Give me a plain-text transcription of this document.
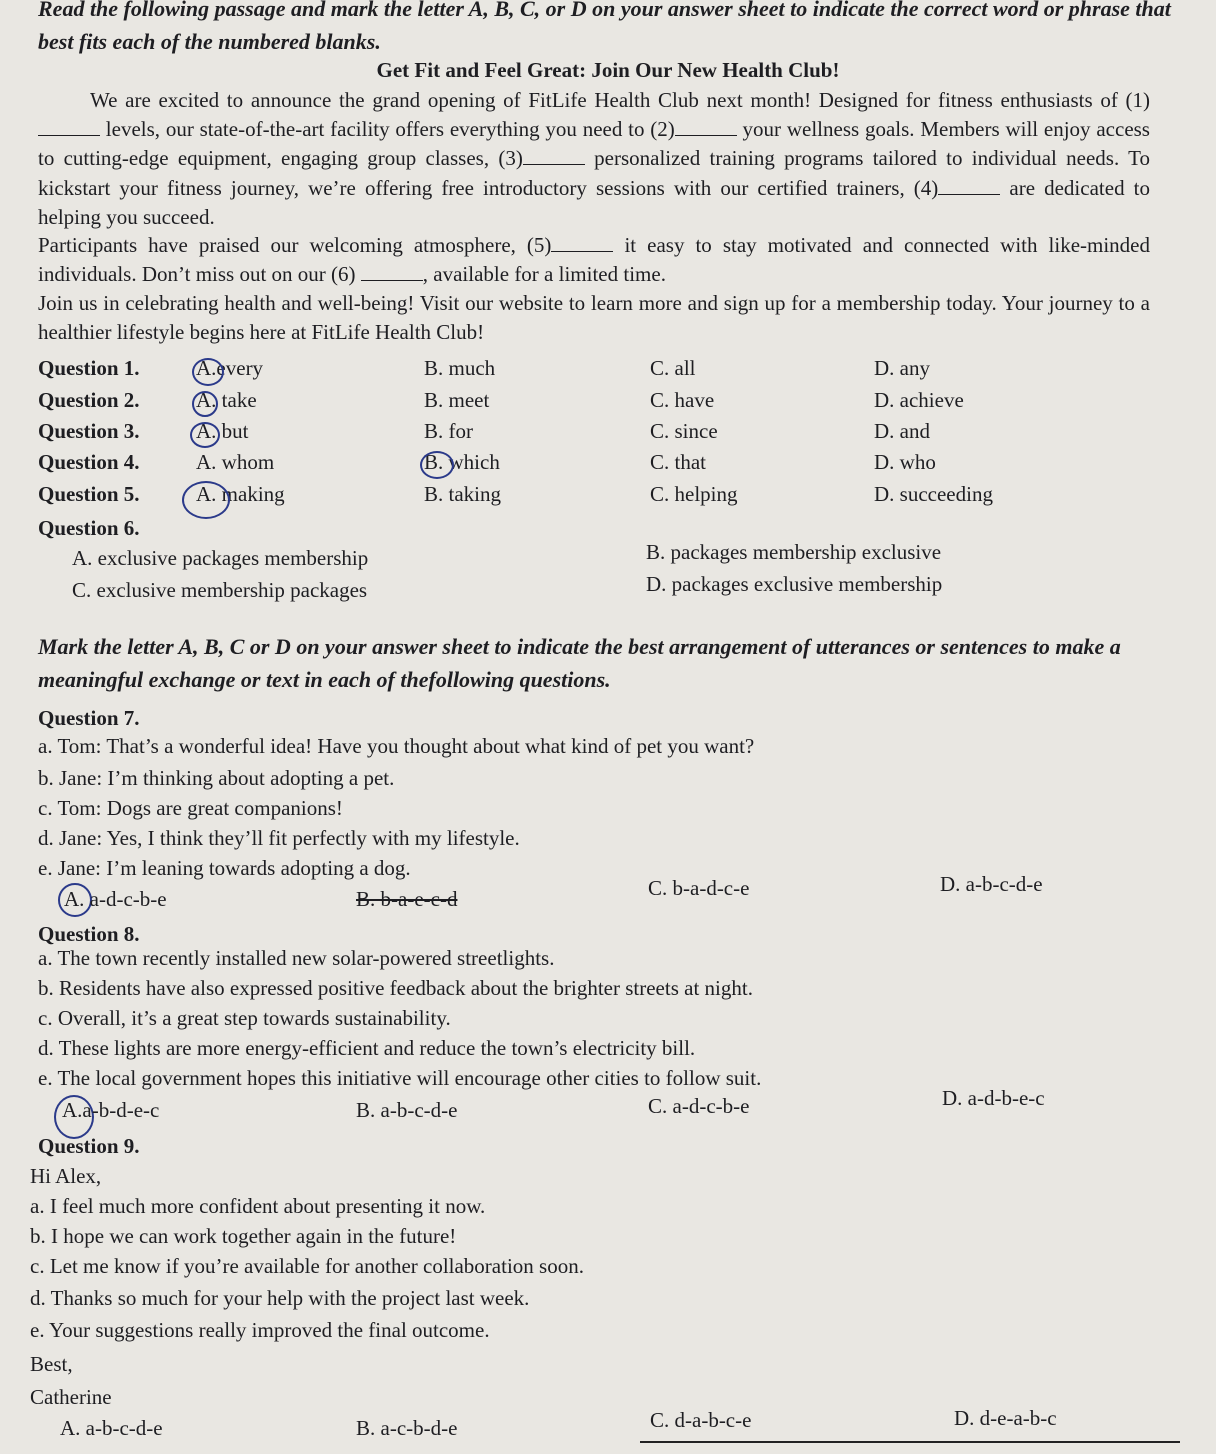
Read the following passage and mark the letter A, B, C, or D on your answer sheet to indicate the correct word or phrase that best fits each of the numbered blanks.
Get Fit and Feel Great: Join Our New Health Club!
We are excited to announce the grand opening of FitLife Health Club next month! Designed for fitness enthusiasts of (1) levels, our state-of-the-art facility offers everything you need to (2)	your wellness goals. Members will enjoy access to cutting-edge equipment, engaging group classes, (3)	personalized training programs tailored to individual needs. To kickstart your fitness journey, we’re offering free introductory sessions with our certified trainers, (4)	are dedicated to helping you succeed.
Participants have praised our welcoming atmosphere, (5)	it easy to stay motivated and connected with like-minded individuals. Don’t miss out on our (6)	, available for a limited time.
Join us in celebrating health and well-being! Visit our website to learn more and sign up for a membership today. Your journey to a healthier lifestyle begins here at FitLife Health Club!
Question 1.	A.every	B. much	C. all	D. any
Question 2.	A. take	B. meet	C. have	D. achieve
Question 3.	A. but	B. for	C. since	D. and
Question 4.	A. whom	B. which	C. that	D. who
Question 5.	A. making	B. taking	C. helping	D. succeeding
Question 6.
A. exclusive packages membership	B. packages membership exclusive
C. exclusive membership packages	D. packages exclusive membership
Mark the letter A, B, C or D on your answer sheet to indicate the best arrangement of utterances or sentences to make a meaningful exchange or text in each of thefollowing questions.
Question 7.
a. Tom: That’s a wonderful idea! Have you thought about what kind of pet you want?
b. Jane: I’m thinking about adopting a pet.
c. Tom: Dogs are great companions!
d. Jane: Yes, I think they’ll fit perfectly with my lifestyle.
e. Jane: I’m leaning towards adopting a dog.
A. a-d-c-b-e	B. b-a-e-c-d	C. b-a-d-c-e	D. a-b-c-d-e
Question 8.
a. The town recently installed new solar-powered streetlights.
b. Residents have also expressed positive feedback about the brighter streets at night.
c. Overall, it’s a great step towards sustainability.
d. These lights are more energy-efficient and reduce the town’s electricity bill.
e. The local government hopes this initiative will encourage other cities to follow suit.
A.a-b-d-e-c	B. a-b-c-d-e	C. a-d-c-b-e	D. a-d-b-e-c
Question 9.
Hi Alex,
a. I feel much more confident about presenting it now.
b. I hope we can work together again in the future!
c. Let me know if you’re available for another collaboration soon.
d. Thanks so much for your help with the project last week.
e. Your suggestions really improved the final outcome.
Best,
Catherine
A. a-b-c-d-e	B. a-c-b-d-e	C. d-a-b-c-e	D. d-e-a-b-c
